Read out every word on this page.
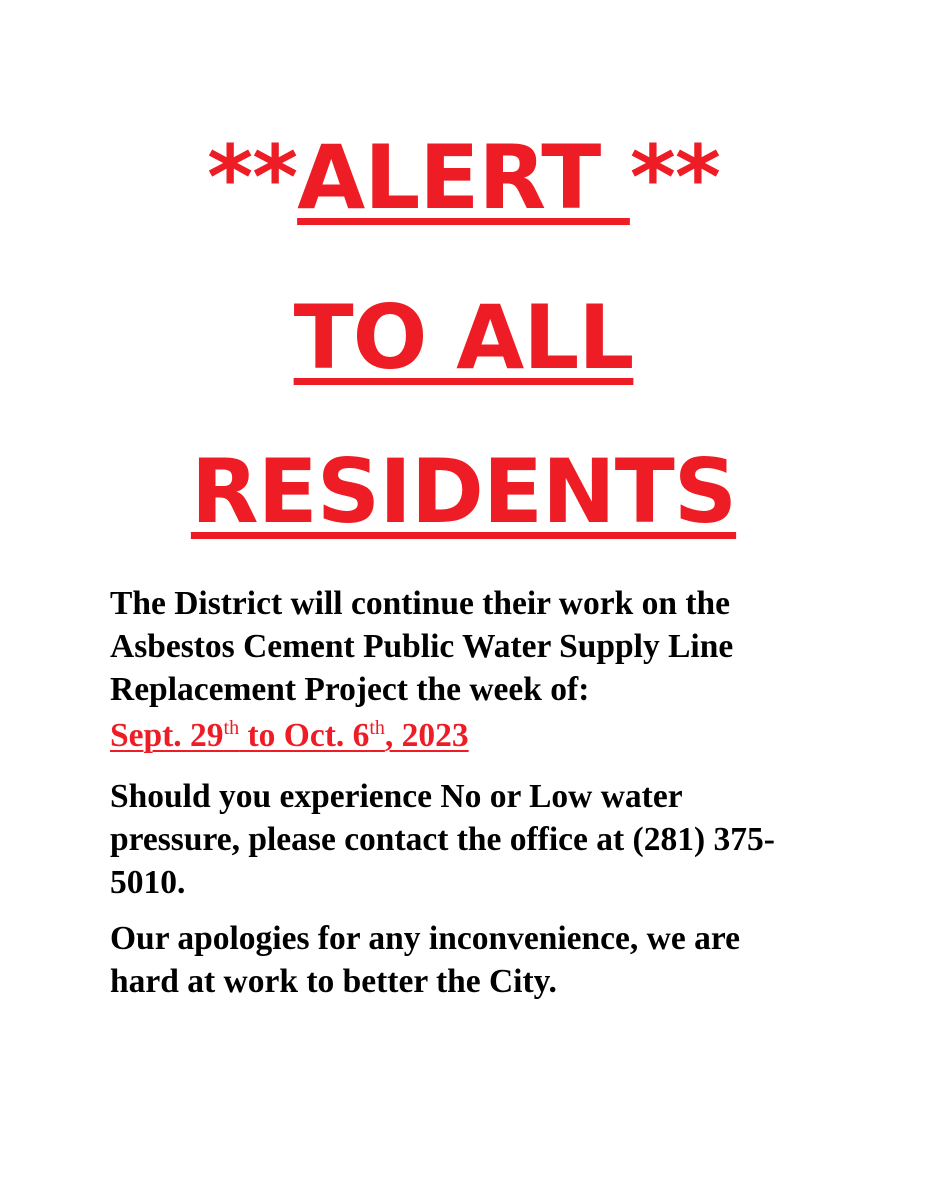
**ALERT **
TO ALL
RESIDENTS

The District will continue their work on the
Asbestos Cement Public Water Supply Line
Replacement Project the week of:

Sept. 29th to Oct. 6th, 2023

Should you experience No or Low water
pressure, please contact the office at (281) 375-
5010.

Our apologies for any inconvenience, we are
hard at work to better the City.
